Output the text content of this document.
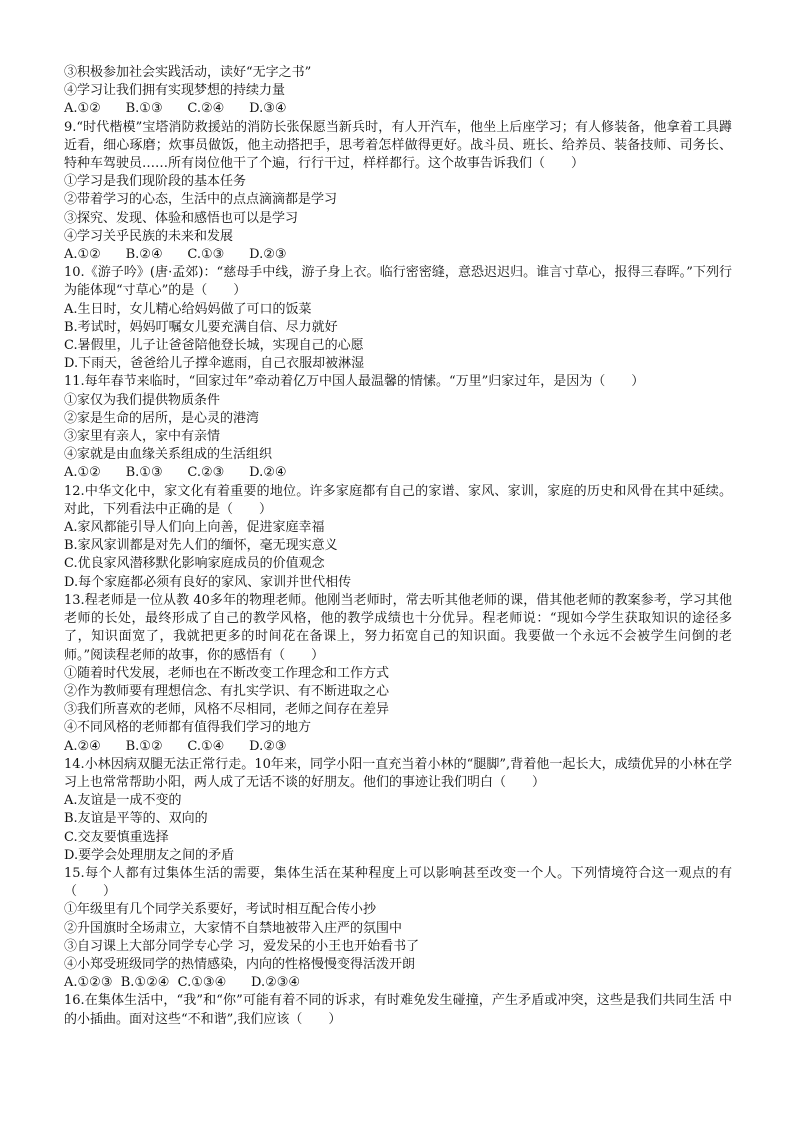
③积极参加社会实践活动，读好“无字之书”
④学习让我们拥有实现梦想的持续力量
A.①②      B.①③      C.②④      D.③④
9.“时代楷模”宝塔消防救援站的消防长张保愿当新兵时，有人开汽车，他坐上后座学习；有人修装备，他拿着工具蹲近看，细心琢磨；炊事员做饭，他主动搭把手，思考着怎样做得更好。战斗员、班长、给养员、装备技师、司务长、特种车驾驶员……所有岗位他干了个遍，行行干过，样样都行。这个故事告诉我们（　　）
①学习是我们现阶段的基本任务
②带着学习的心态，生活中的点点滴滴都是学习
③探究、发现、体验和感悟也可以是学习
④学习关乎民族的未来和发展
A.①②      B.②④      C.①③      D.②③
10.《游子吟》(唐·孟郊)：“慈母手中线，游子身上衣。临行密密缝，意恐迟迟归。谁言寸草心，报得三春晖。”下列行为能体现“寸草心”的是（　　）
A.生日时，女儿精心给妈妈做了可口的饭菜
B.考试时，妈妈叮嘱女儿要充满自信、尽力就好
C.暑假里，儿子让爸爸陪他登长城，实现自己的心愿
D.下雨天，爸爸给儿子撑伞遮雨，自己衣服却被淋湿
11.每年春节来临时，“回家过年”牵动着亿万中国人最温馨的情愫。“万里”归家过年，是因为（　　）
①家仅为我们提供物质条件
②家是生命的居所，是心灵的港湾
③家里有亲人，家中有亲情
④家就是由血缘关系组成的生活组织
A.①②      B.①③      C.②③      D.②④
12.中华文化中，家文化有着重要的地位。许多家庭都有自己的家谱、家风、家训，家庭的历史和风骨在其中延续。对此，下列看法中正确的是（　　）
A.家风都能引导人们向上向善，促进家庭幸福
B.家风家训都是对先人们的缅怀，毫无现实意义
C.优良家风潜移默化影响家庭成员的价值观念
D.每个家庭都必须有良好的家风、家训并世代相传
13.程老师是一位从教 40多年的物理老师。他刚当老师时，常去听其他老师的课，借其他老师的教案参考，学习其他老师的长处，最终形成了自己的教学风格，他的教学成绩也十分优异。程老师说：“现如今学生获取知识的途径多了，知识面宽了，我就把更多的时间花在备课上，努力拓宽自己的知识面。我要做一个永远不会被学生问倒的老师。”阅读程老师的故事，你的感悟有（　　）
①随着时代发展，老师也在不断改变工作理念和工作方式
②作为教师要有理想信念、有扎实学识、有不断进取之心
③我们所喜欢的老师，风格不尽相同，老师之间存在差异
④不同风格的老师都有值得我们学习的地方
A.②④      B.①②      C.①④      D.②③
14.小林因病双腿无法正常行走。10年来，同学小阳一直充当着小林的“腿脚”,背着他一起长大，成绩优异的小林在学习上也常常帮助小阳，两人成了无话不谈的好朋友。他们的事迹让我们明白（　　）
A.友谊是一成不变的
B.友谊是平等的、双向的
C.交友要慎重选择
D.要学会处理朋友之间的矛盾
15.每个人都有过集体生活的需要，集体生活在某种程度上可以影响甚至改变一个人。下列情境符合这一观点的有（　　）
①年级里有几个同学关系要好，考试时相互配合传小抄
②升国旗时全场肃立，大家情不自禁地被带入庄严的氛围中
③自习课上大部分同学专心学 习，爱发呆的小王也开始看书了
④小郑受班级同学的热情感染，内向的性格慢慢变得活泼开朗
A.①②③  B.①②④  C.①③④      D.②③④
16.在集体生活中，“我”和“你”可能有着不同的诉求，有时难免发生碰撞，产生矛盾或冲突，这些是我们共同生活 中的小插曲。面对这些“不和谐”,我们应该（　　）
